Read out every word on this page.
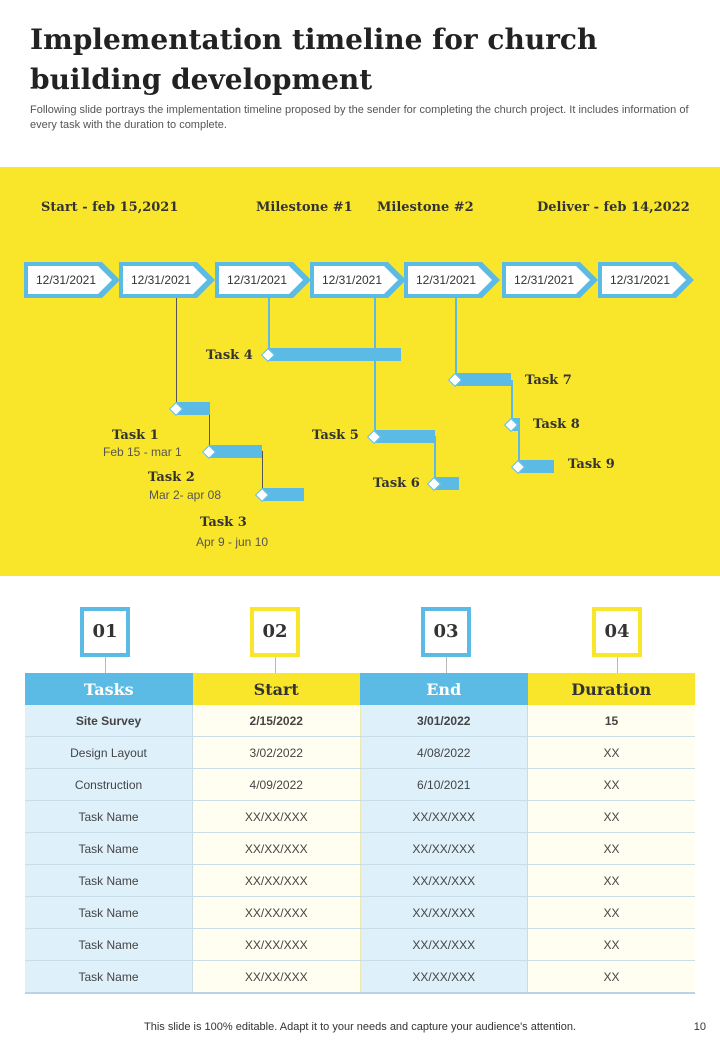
Implementation timeline for church building development

Following slide portrays the implementation timeline proposed by the sender for completing the church project. It includes information of every task with the duration to complete.

Start - feb 15,2021	Milestone #1 Milestone #2	Deliver - feb 14,2022
12/31/2021	12/31/2021	12/31/2021	12/31/2021	12/31/2021	12/31/2021	12/31/2021
Task 1
Feb 15 - mar 1
Task 2
Mar 2- apr 08
Task 3
Apr 9 - jun 10
Task 4
Task 5
Task 6
Task 7
Task 8
Task 9
01	02	03	04
Tasks	Start	End	Duration
Site Survey	2/15/2022	3/01/2022	15
Design Layout	3/02/2022	4/08/2022	XX
Construction	4/09/2022	6/10/2021	XX
Task Name	XX/XX/XXX	XX/XX/XXX	XX
Task Name	XX/XX/XXX	XX/XX/XXX	XX
Task Name	XX/XX/XXX	XX/XX/XXX	XX
Task Name	XX/XX/XXX	XX/XX/XXX	XX
Task Name	XX/XX/XXX	XX/XX/XXX	XX
Task Name	XX/XX/XXX	XX/XX/XXX	XX
This slide is 100% editable. Adapt it to your needs and capture your audience's attention.	10
